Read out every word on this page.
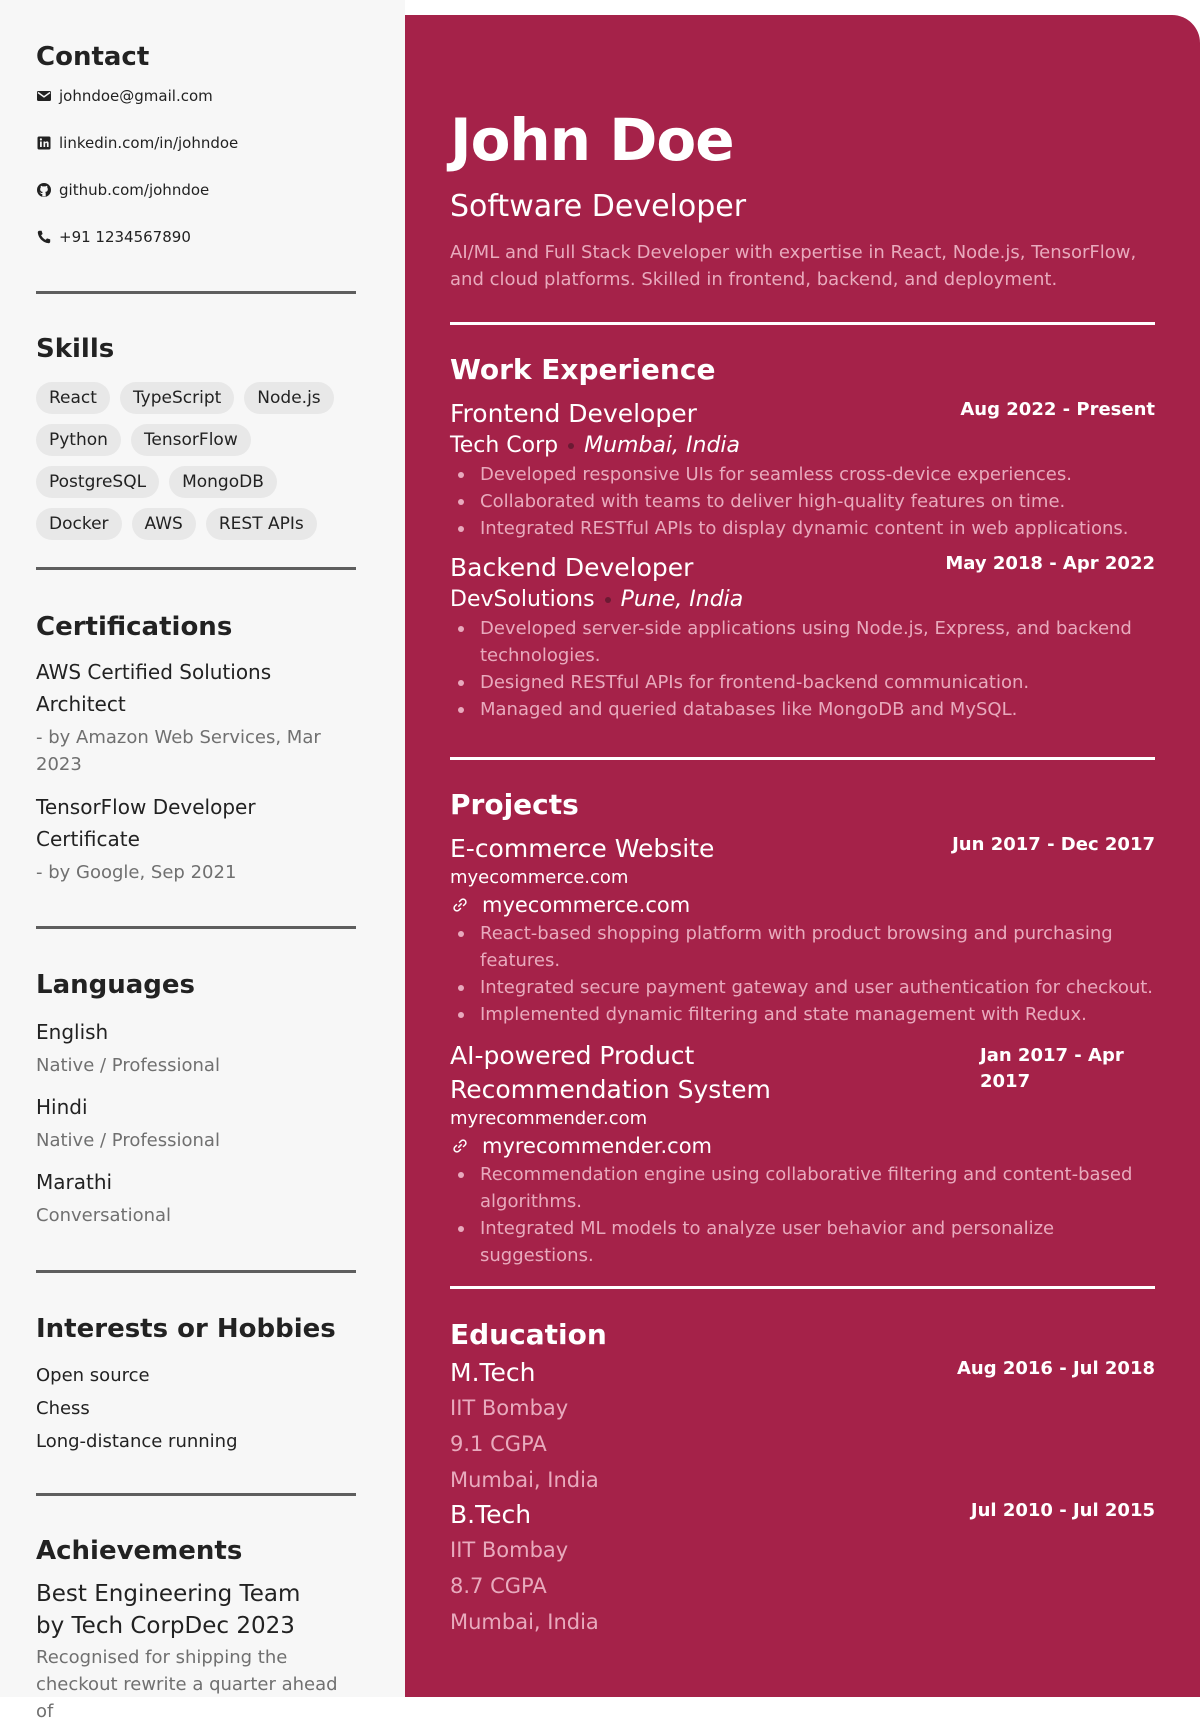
Contact
johndoe@gmail.com
linkedin.com/in/johndoe
github.com/johndoe
+91 1234567890
Skills
React	TypeScript	Node.js
Python	TensorFlow
PostgreSQL	MongoDB
Docker	AWS	REST APIs
Certifications
AWS Certified Solutions Architect
- by Amazon Web Services, Mar 2023
TensorFlow Developer Certificate
- by Google, Sep 2021
Languages
English
Native / Professional
Hindi
Native / Professional
Marathi
Conversational
Interests or Hobbies
Open source
Chess
Long-distance running
Achievements
Best Engineering Team
by Tech CorpDec 2023
Recognised for shipping the checkout rewrite a quarter ahead of
John Doe
Software Developer
AI/ML and Full Stack Developer with expertise in React, Node.js, TensorFlow, and cloud platforms. Skilled in frontend, backend, and deployment.
Work Experience
Frontend Developer	Aug 2022 - Present
Tech Corp Mumbai, India
Developed responsive UIs for seamless cross-device experiences.
Collaborated with teams to deliver high-quality features on time.
Integrated RESTful APIs to display dynamic content in web applications.
Backend Developer	May 2018 - Apr 2022
DevSolutions Pune, India
Developed server-side applications using Node.js, Express, and backend technologies.
Designed RESTful APIs for frontend-backend communication.
Managed and queried databases like MongoDB and MySQL.
Projects
E-commerce Website	Jun 2017 - Dec 2017
myecommerce.com
myecommerce.com
React-based shopping platform with product browsing and purchasing features.
Integrated secure payment gateway and user authentication for checkout.
Implemented dynamic filtering and state management with Redux.
AI-powered Product Recommendation System
Jan 2017 - Apr 2017
myrecommender.com
myrecommender.com
Recommendation engine using collaborative filtering and content-based algorithms.
Integrated ML models to analyze user behavior and personalize suggestions.
Education
M.Tech	Aug 2016 - Jul 2018
IIT Bombay
9.1 CGPA
Mumbai, India
B.Tech	Jul 2010 - Jul 2015
IIT Bombay
8.7 CGPA
Mumbai, India
